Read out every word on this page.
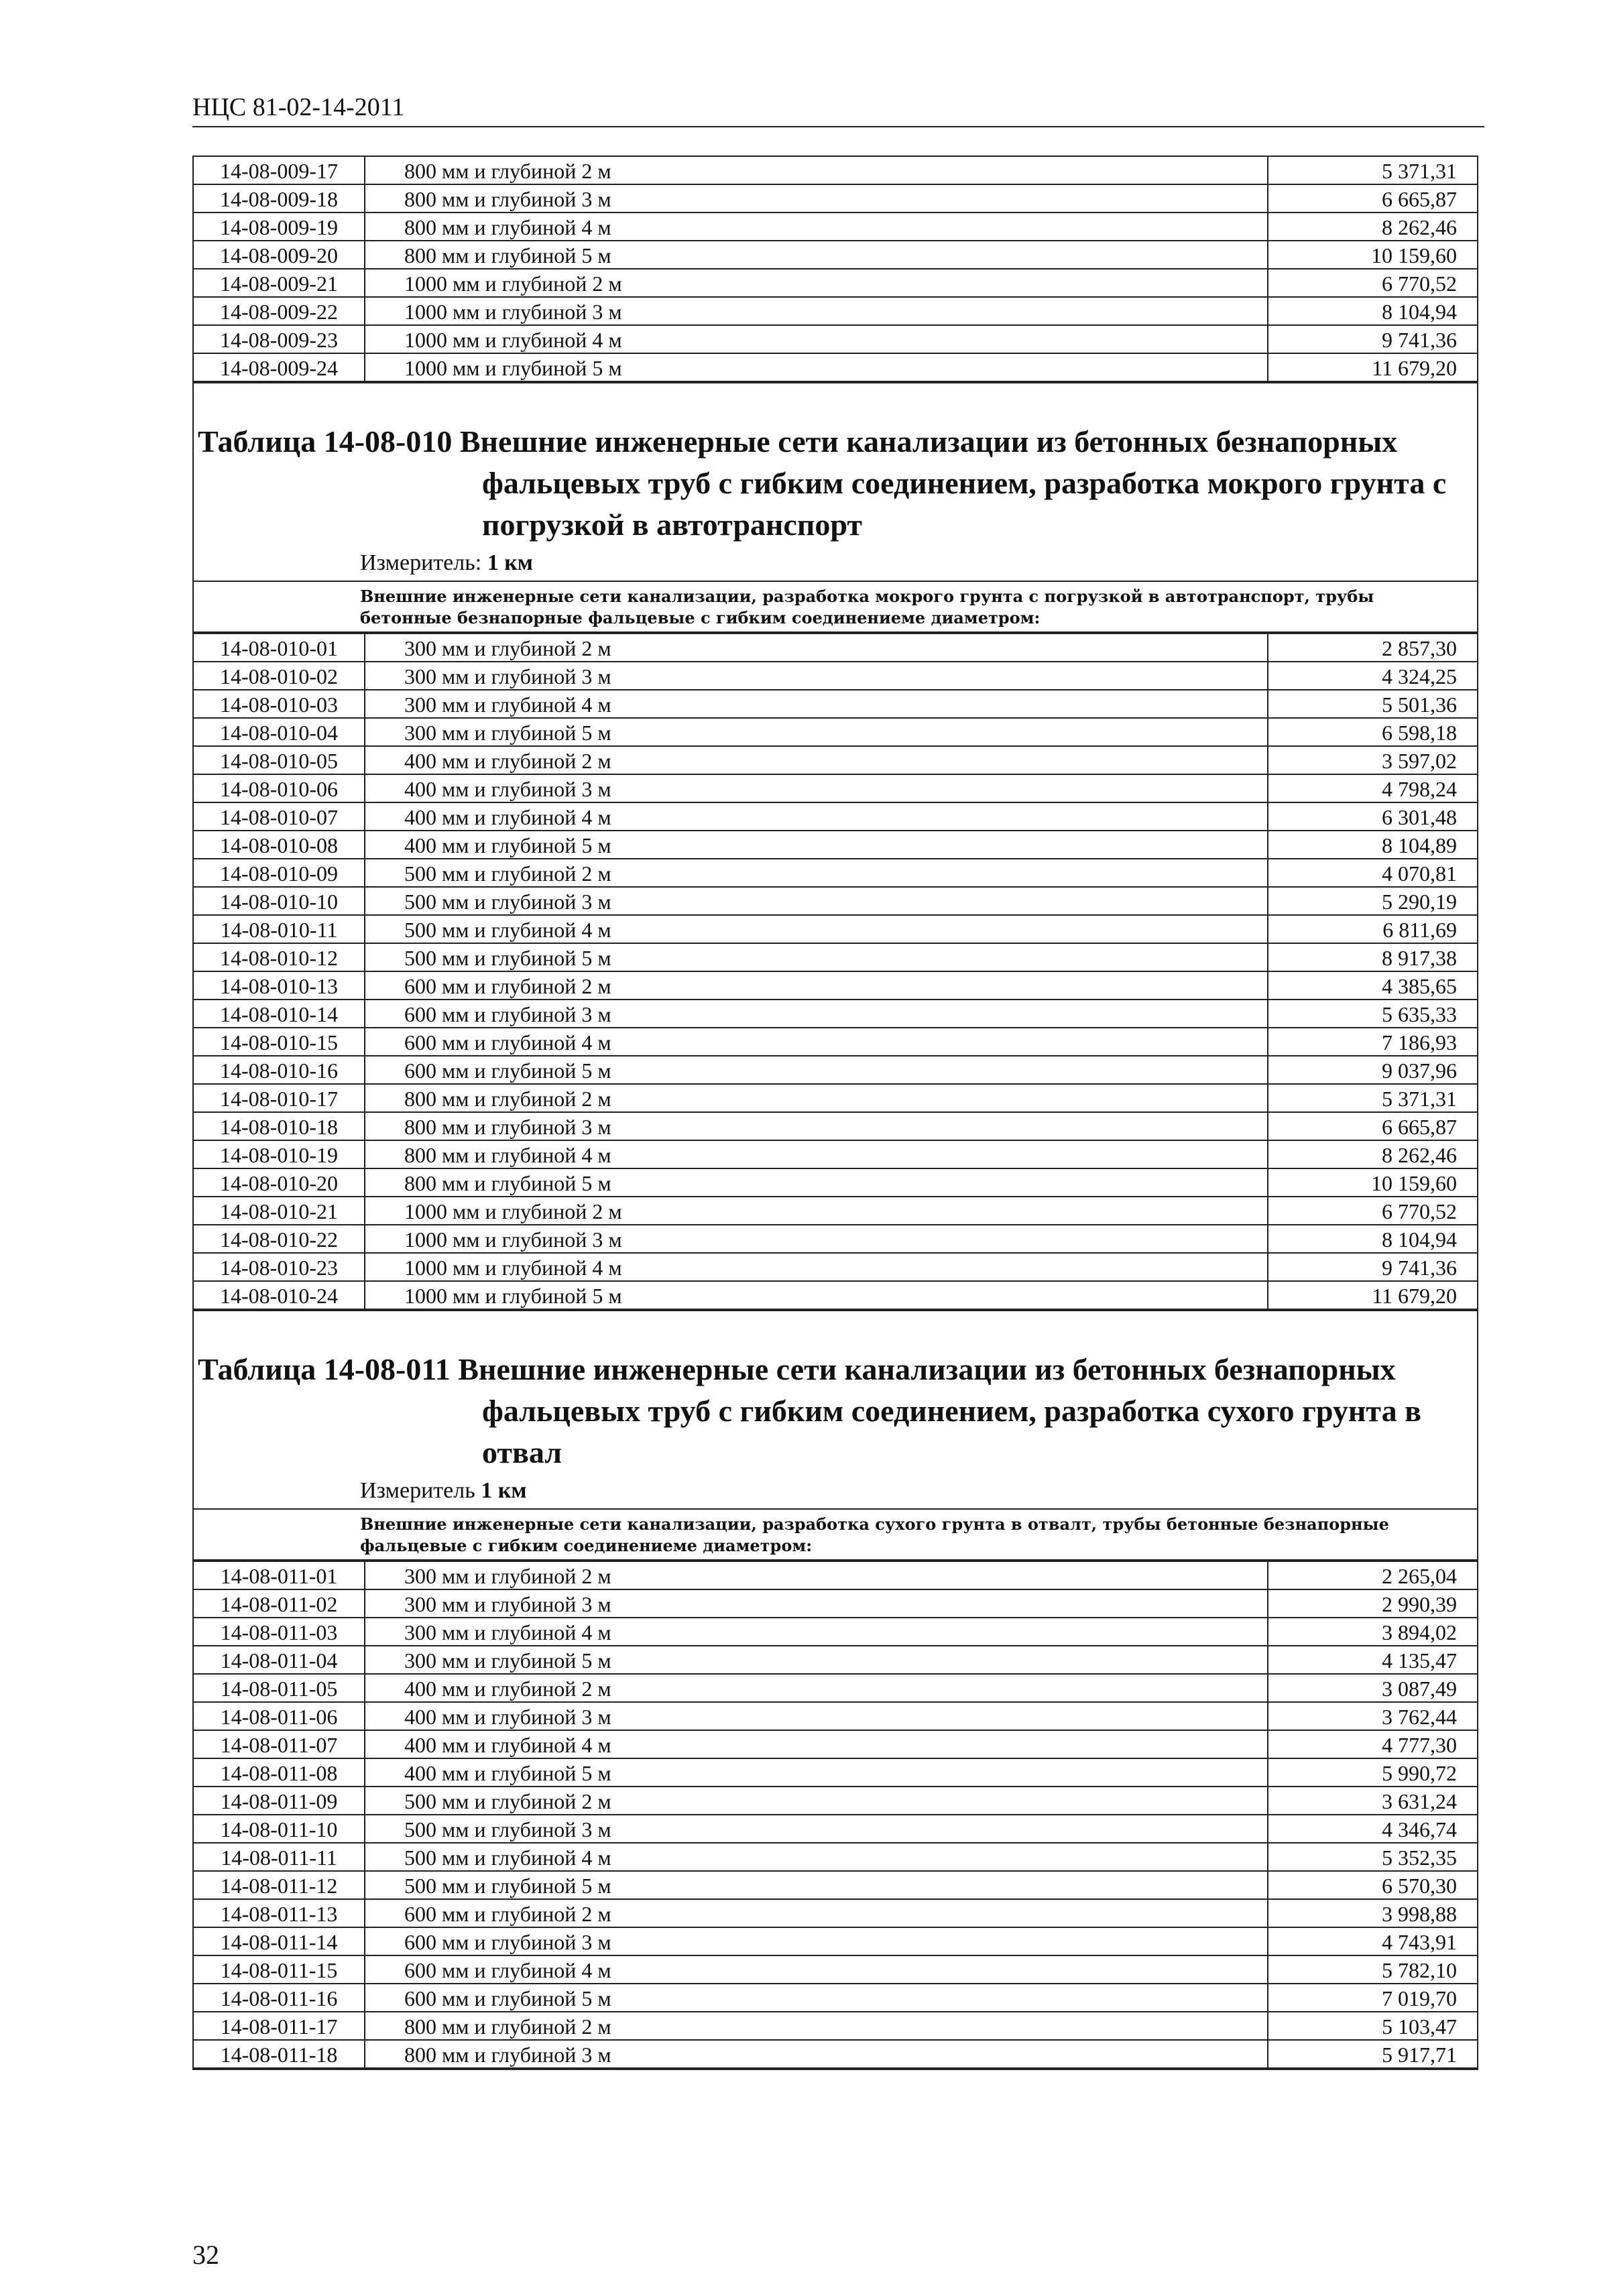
НЦС 81-02-14-2011
14-08-009-17	800 мм и глубиной 2 м	5 371,31
14-08-009-18	800 мм и глубиной 3 м	6 665,87
14-08-009-19	800 мм и глубиной 4 м	8 262,46
14-08-009-20	800 мм и глубиной 5 м	10 159,60
14-08-009-21	1000 мм и глубиной 2 м	6 770,52
14-08-009-22	1000 мм и глубиной 3 м	8 104,94
14-08-009-23	1000 мм и глубиной 4 м	9 741,36
14-08-009-24	1000 мм и глубиной 5 м	11 679,20
Таблица 14-08-010 Внешние инженерные сети канализации из бетонных безнапорных
фальцевых труб с гибким соединением, разработка мокрого грунта с погрузкой в автотранспорт
Измеритель: 1 км
Внешние инженерные сети канализации, разработка мокрого грунта с погрузкой в автотранспорт, трубы бетонные безнапорные фальцевые с гибким соединениеме диаметром:
14-08-010-01	300 мм и глубиной 2 м	2 857,30
14-08-010-02	300 мм и глубиной 3 м	4 324,25
14-08-010-03	300 мм и глубиной 4 м	5 501,36
14-08-010-04	300 мм и глубиной 5 м	6 598,18
14-08-010-05	400 мм и глубиной 2 м	3 597,02
14-08-010-06	400 мм и глубиной 3 м	4 798,24
14-08-010-07	400 мм и глубиной 4 м	6 301,48
14-08-010-08	400 мм и глубиной 5 м	8 104,89
14-08-010-09	500 мм и глубиной 2 м	4 070,81
14-08-010-10	500 мм и глубиной 3 м	5 290,19
14-08-010-11	500 мм и глубиной 4 м	6 811,69
14-08-010-12	500 мм и глубиной 5 м	8 917,38
14-08-010-13	600 мм и глубиной 2 м	4 385,65
14-08-010-14	600 мм и глубиной 3 м	5 635,33
14-08-010-15	600 мм и глубиной 4 м	7 186,93
14-08-010-16	600 мм и глубиной 5 м	9 037,96
14-08-010-17	800 мм и глубиной 2 м	5 371,31
14-08-010-18	800 мм и глубиной 3 м	6 665,87
14-08-010-19	800 мм и глубиной 4 м	8 262,46
14-08-010-20	800 мм и глубиной 5 м	10 159,60
14-08-010-21	1000 мм и глубиной 2 м	6 770,52
14-08-010-22	1000 мм и глубиной 3 м	8 104,94
14-08-010-23	1000 мм и глубиной 4 м	9 741,36
14-08-010-24	1000 мм и глубиной 5 м	11 679,20
Таблица 14-08-011 Внешние инженерные сети канализации из бетонных безнапорных
фальцевых труб с гибким соединением, разработка сухого грунта в отвал
Измеритель 1 км
Внешние инженерные сети канализации, разработка сухого грунта в отвалт, трубы бетонные безнапорные фальцевые с гибким соединениеме диаметром:
14-08-011-01	300 мм и глубиной 2 м	2 265,04
14-08-011-02	300 мм и глубиной 3 м	2 990,39
14-08-011-03	300 мм и глубиной 4 м	3 894,02
14-08-011-04	300 мм и глубиной 5 м	4 135,47
14-08-011-05	400 мм и глубиной 2 м	3 087,49
14-08-011-06	400 мм и глубиной 3 м	3 762,44
14-08-011-07	400 мм и глубиной 4 м	4 777,30
14-08-011-08	400 мм и глубиной 5 м	5 990,72
14-08-011-09	500 мм и глубиной 2 м	3 631,24
14-08-011-10	500 мм и глубиной 3 м	4 346,74
14-08-011-11	500 мм и глубиной 4 м	5 352,35
14-08-011-12	500 мм и глубиной 5 м	6 570,30
14-08-011-13	600 мм и глубиной 2 м	3 998,88
14-08-011-14	600 мм и глубиной 3 м	4 743,91
14-08-011-15	600 мм и глубиной 4 м	5 782,10
14-08-011-16	600 мм и глубиной 5 м	7 019,70
14-08-011-17	800 мм и глубиной 2 м	5 103,47
14-08-011-18	800 мм и глубиной 3 м	5 917,71
32
